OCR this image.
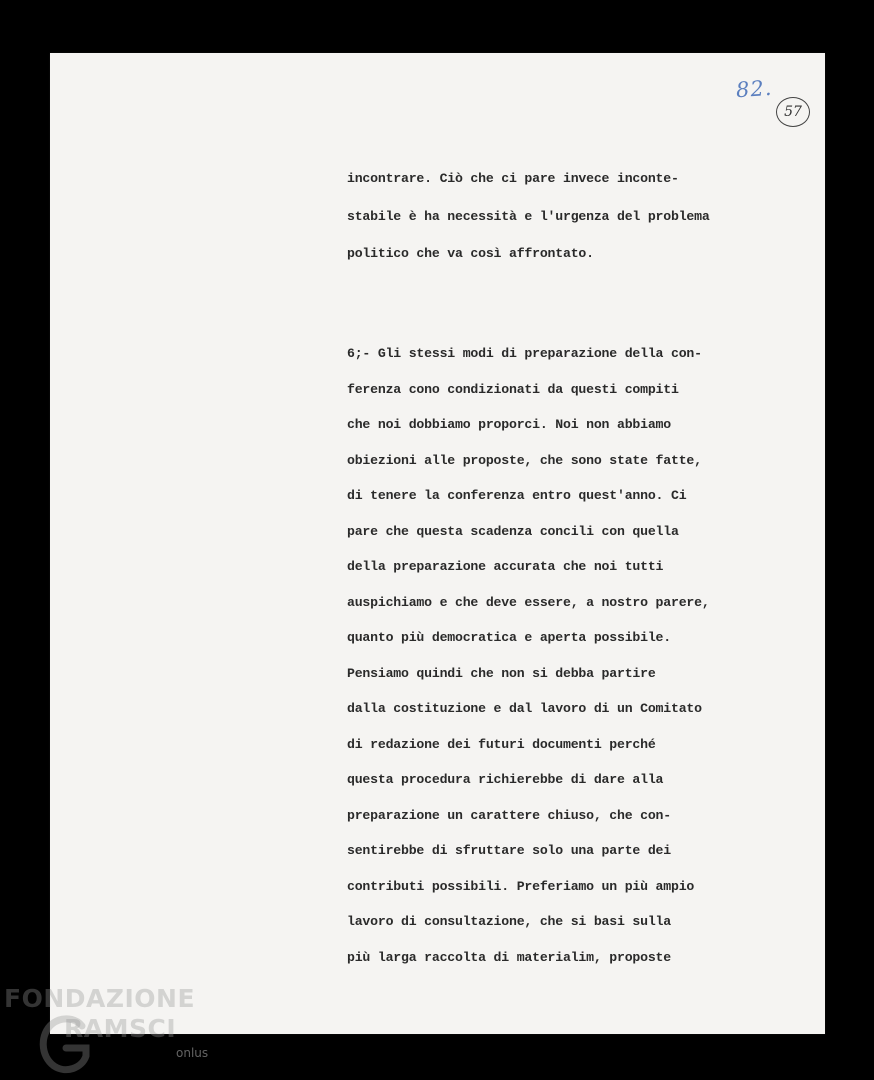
82.
57
incontrare. Ciò che ci pare invece inconte-
stabile è ha necessità e l'urgenza del problema
politico che va così affrontato.
6;- Gli stessi modi di preparazione della con-
ferenza cono condizionati da questi compiti
che noi dobbiamo proporci. Noi non abbiamo
obiezioni alle proposte, che sono state fatte,
di tenere la conferenza entro quest'anno. Ci
pare che questa scadenza concili con quella
della preparazione accurata che noi tutti
auspichiamo e che deve essere, a nostro parere,
quanto più democratica e aperta possibile.
Pensiamo quindi che non si debba partire
dalla costituzione e dal lavoro di un Comitato
di redazione dei futuri documenti perché
questa procedura richierebbe di dare alla
preparazione un carattere chiuso, che con-
sentirebbe di sfruttare solo una parte dei
contributi possibili. Preferiamo un più ampio
lavoro di consultazione, che si basi sulla
più larga raccolta di materialim, proposte
FONDAZIONE
RAMSCI
onlus
